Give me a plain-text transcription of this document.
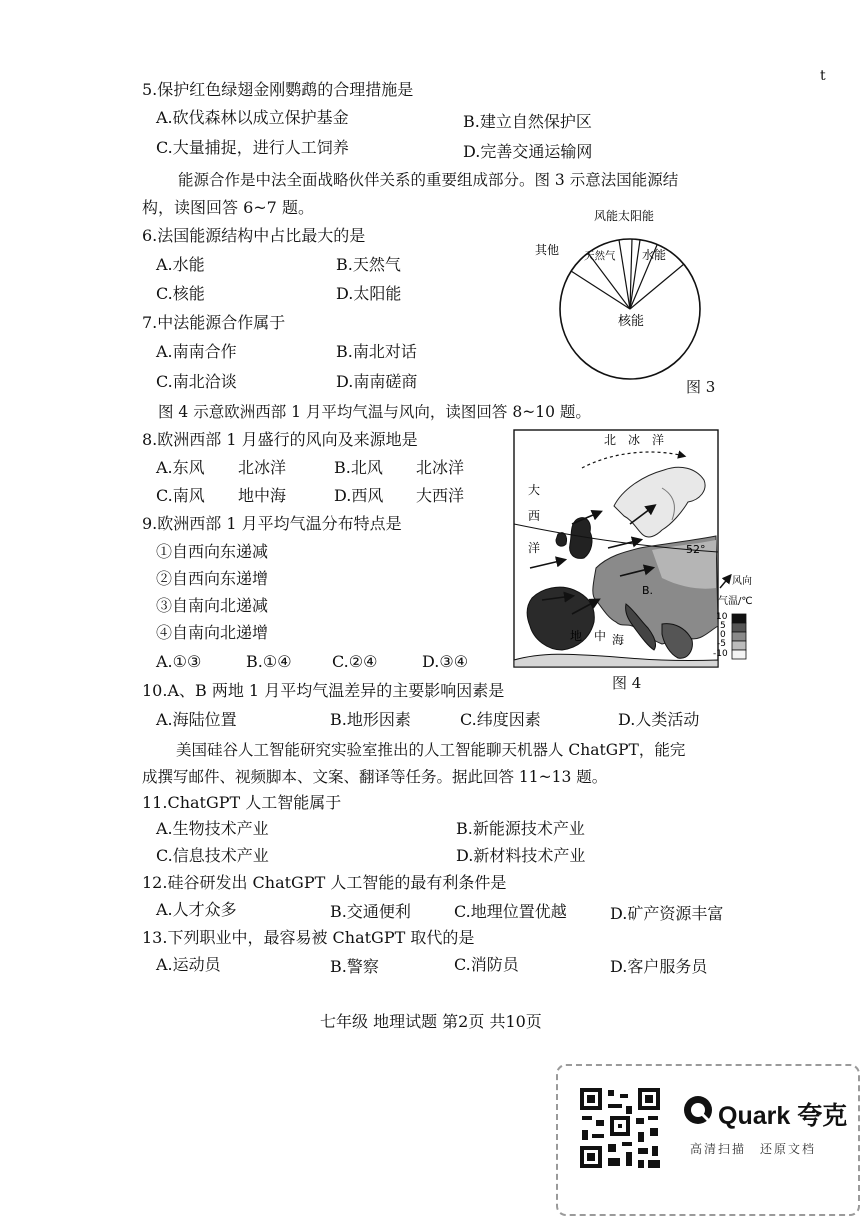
t
5.保护红色绿翅金刚鹦鹉的合理措施是
A.砍伐森林以成立保护基金	B.建立自然保护区
C.大量捕捉，进行人工饲养	D.完善交通运输网
能源合作是中法全面战略伙伴关系的重要组成部分。图 3 示意法国能源结
构，读图回答 6~7 题。
6.法国能源结构中占比最大的是
A.水能	B.天然气
C.核能	D.太阳能
7.中法能源合作属于
A.南南合作	B.南北对话
C.南北洽谈	D.南南磋商
风能太阳能
其他 天然气 水能
核能
图 3
图 4 示意欧洲西部 1 月平均气温与风向，读图回答 8~10 题。
8.欧洲西部 1 月盛行的风向及来源地是
A.东风 北冰洋	B.北风 北冰洋
C.南风 地中海	D.西风 大西洋
9.欧洲西部 1 月平均气温分布特点是
①自西向东递减
②自西向东递增
③自南向北递减
④自南向北递增
A.①③	B.①④	C.②④	D.③④
北　冰　洋
大
西
洋
地 中 海
52°
A
B.
风向
气温/℃
10
5
0
-5
-10
图 4
10.A、B 两地 1 月平均气温差异的主要影响因素是
A.海陆位置	B.地形因素	C.纬度因素	D.人类活动
美国硅谷人工智能研究实验室推出的人工智能聊天机器人 ChatGPT，能完
成撰写邮件、视频脚本、文案、翻译等任务。据此回答 11~13 题。
11.ChatGPT 人工智能属于
A.生物技术产业	B.新能源技术产业
C.信息技术产业	D.新材料技术产业
12.硅谷研发出 ChatGPT 人工智能的最有利条件是
A.人才众多	B.交通便利	C.地理位置优越	D.矿产资源丰富
13.下列职业中，最容易被 ChatGPT 取代的是
A.运动员	B.警察	C.消防员	D.客户服务员
七年级 地理试题 第2页 共10页
Quark 夸克
高清扫描　还原文档
